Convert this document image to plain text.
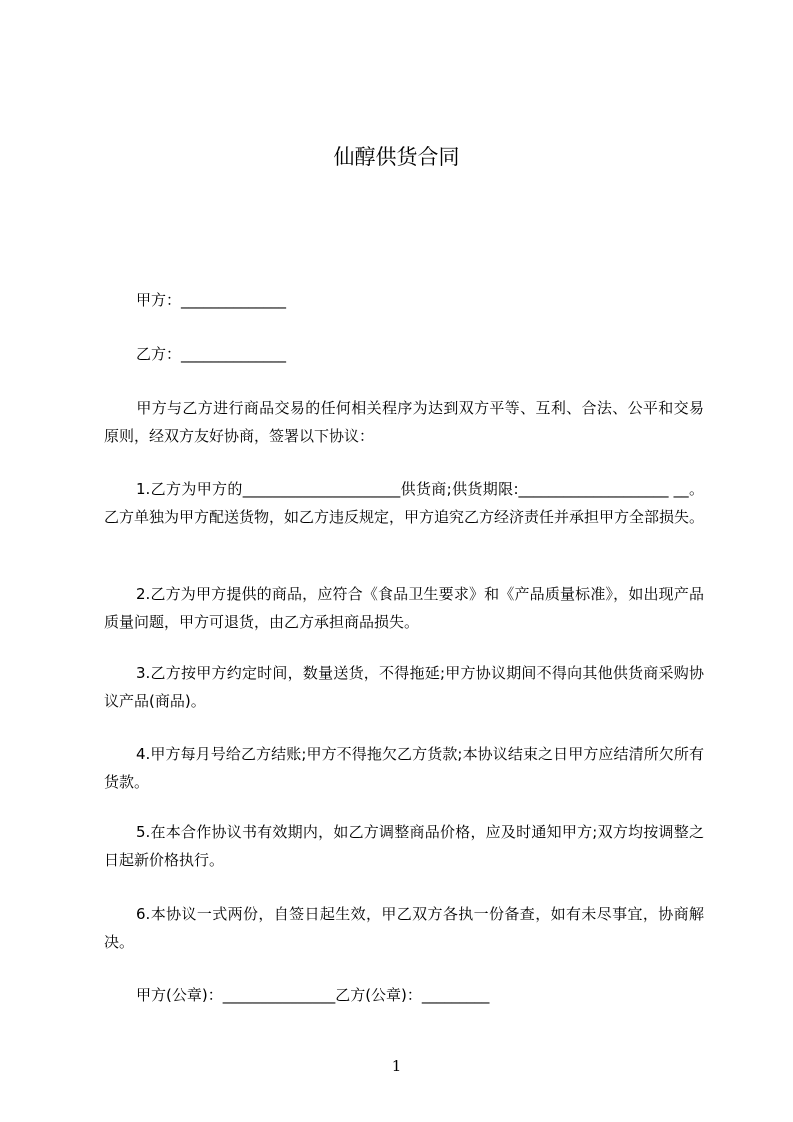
仙醇供货合同

甲方：______________

乙方：______________

甲方与乙方进行商品交易的任何相关程序为达到双方平等、互利、合法、公平和交易原则，经双方友好协商，签署以下协议：

1.乙方为甲方的_____________________供货商;供货期限:____________________ __。乙方单独为甲方配送货物，如乙方违反规定，甲方追究乙方经济责任并承担甲方全部损失。

2.乙方为甲方提供的商品，应符合《食品卫生要求》和《产品质量标准》，如出现产品质量问题，甲方可退货，由乙方承担商品损失。

3.乙方按甲方约定时间，数量送货，不得拖延;甲方协议期间不得向其他供货商采购协议产品(商品)。

4.甲方每月号给乙方结账;甲方不得拖欠乙方货款;本协议结束之日甲方应结清所欠所有货款。

5.在本合作协议书有效期内，如乙方调整商品价格，应及时通知甲方;双方均按调整之日起新价格执行。

6.本协议一式两份，自签日起生效，甲乙双方各执一份备查，如有未尽事宜，协商解决。

甲方(公章)：_______________乙方(公章)：_________

1
